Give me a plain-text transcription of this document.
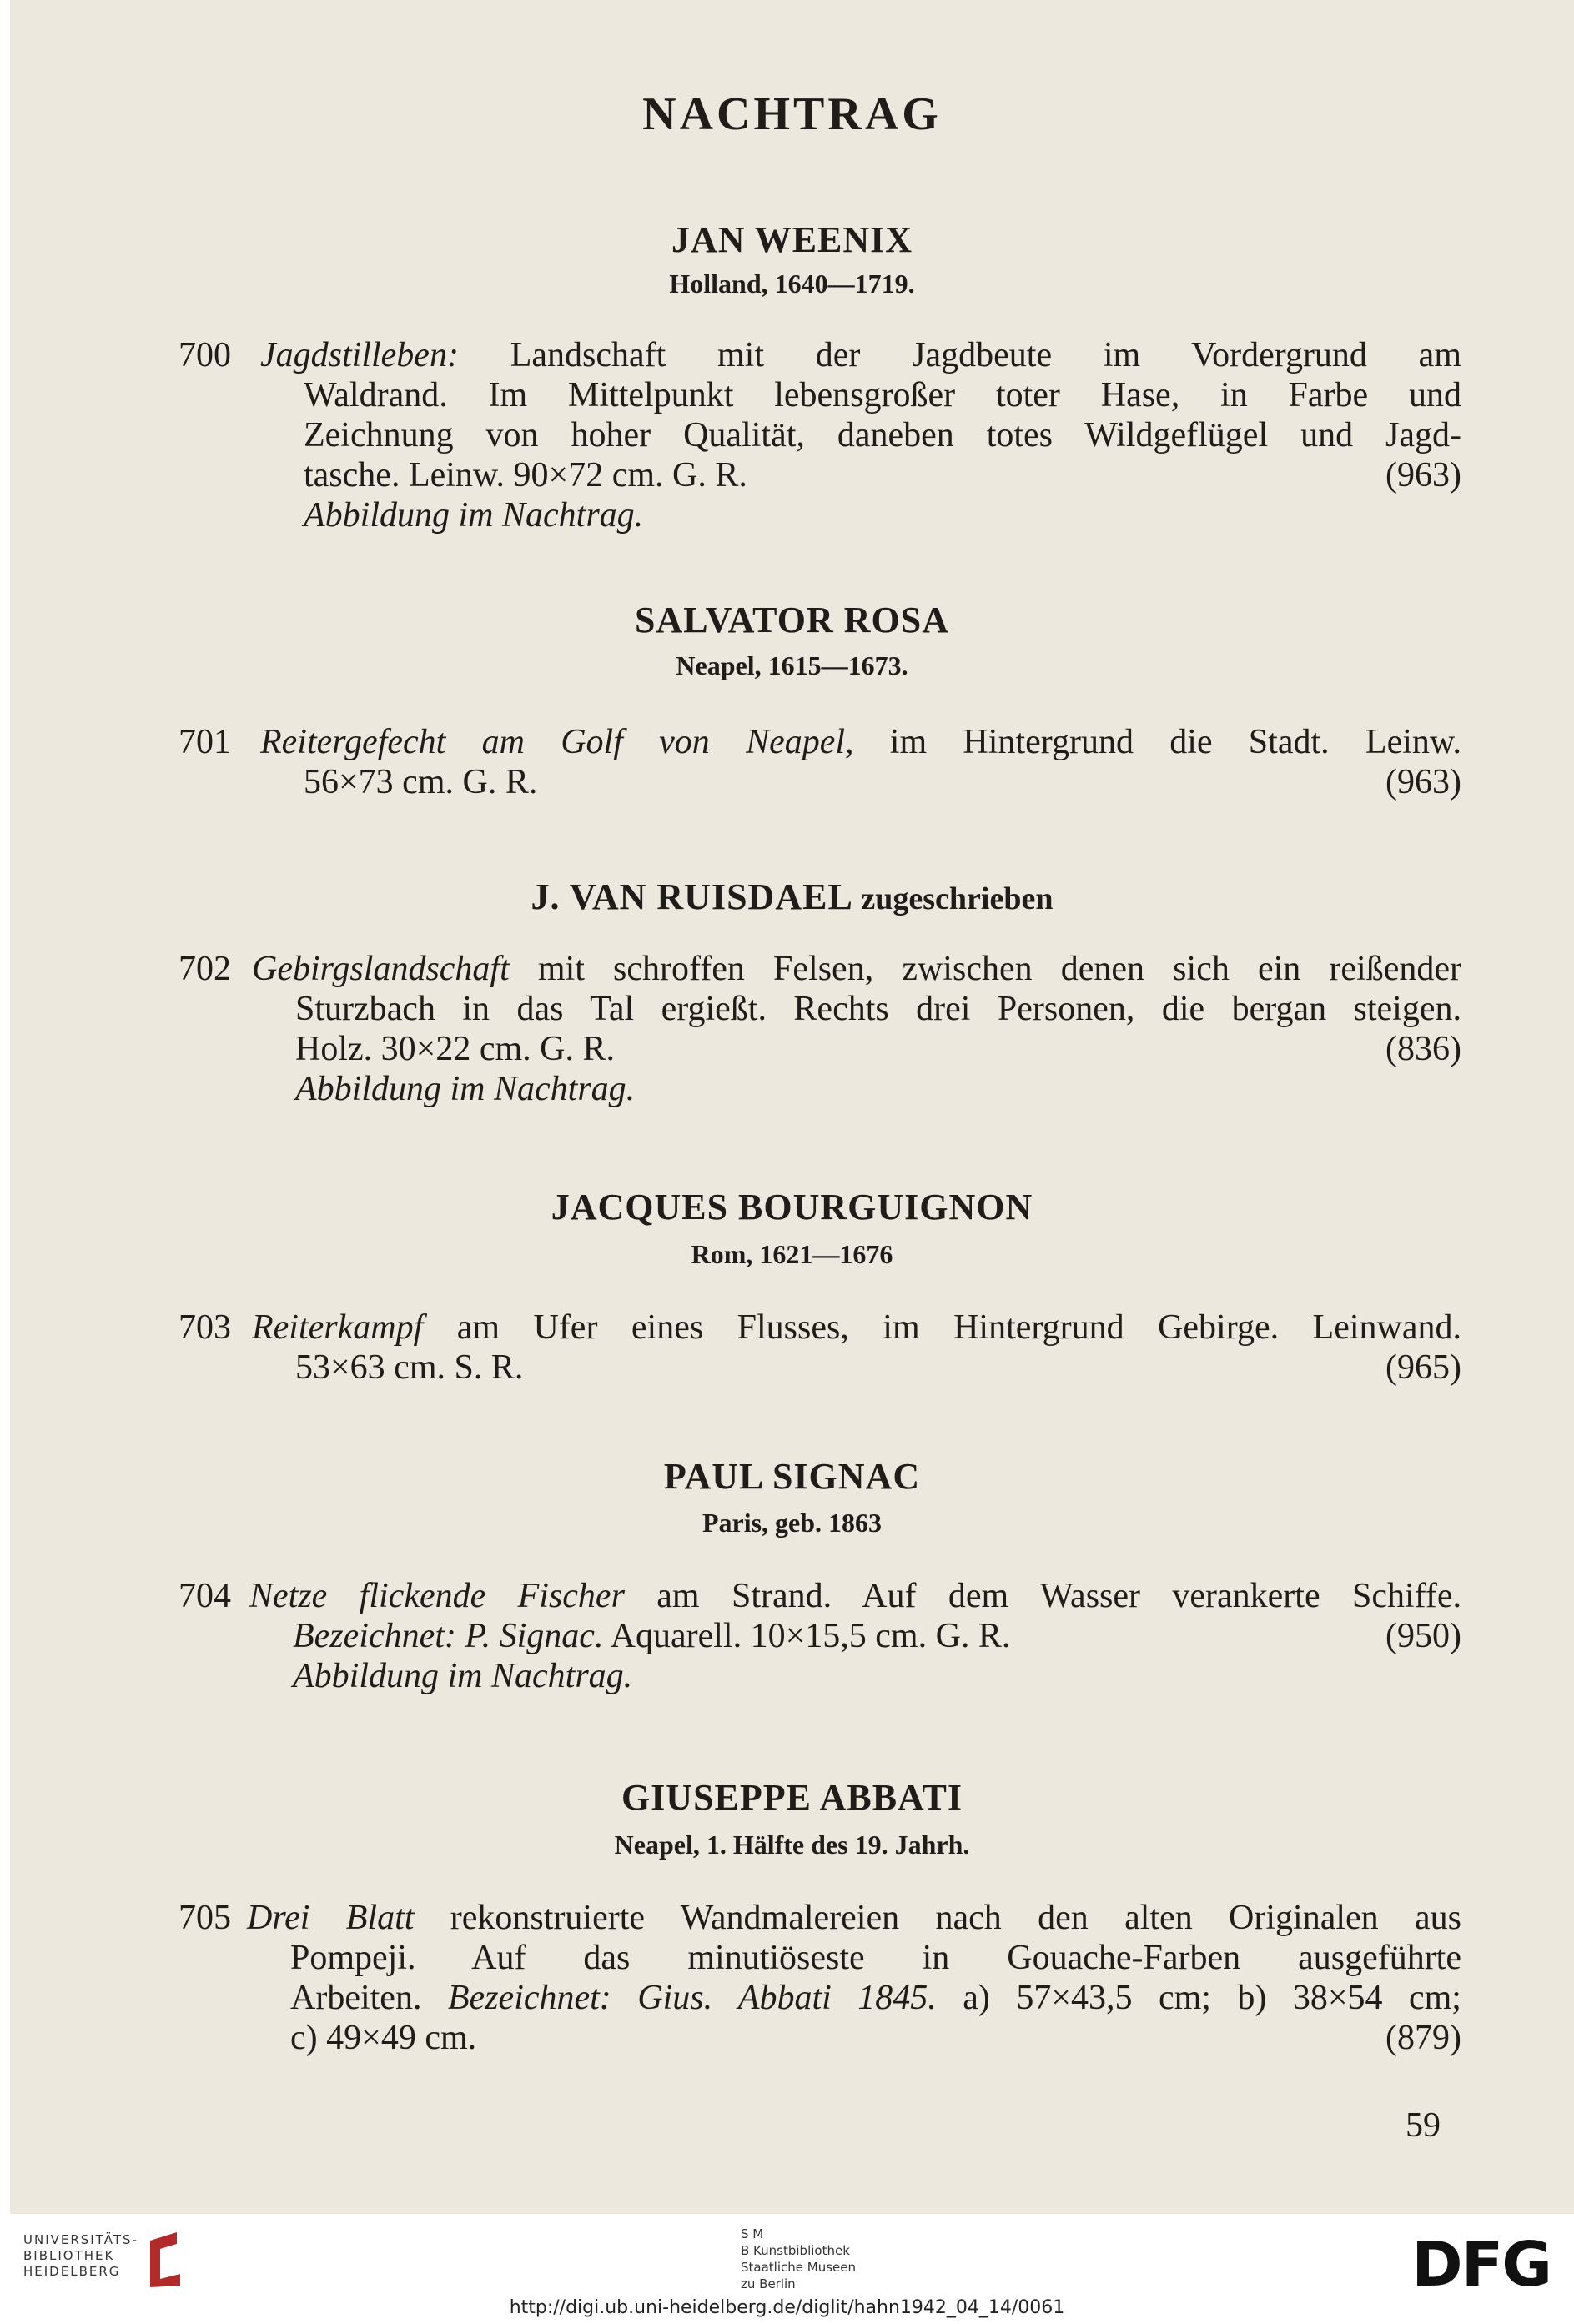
NACHTRAG
JAN WEENIX
Holland, 1640—1719.
700 Jagdstilleben: Landschaft mit der Jagdbeute im Vordergrund am
Waldrand. Im Mittelpunkt lebensgroßer toter Hase, in Farbe und
Zeichnung von hoher Qualität, daneben totes Wildgeflügel und Jagd-
tasche. Leinw. 90×72 cm. G. R.	(963)
Abbildung im Nachtrag.
SALVATOR ROSA
Neapel, 1615—1673.
701 Reitergefecht am Golf von Neapel, im Hintergrund die Stadt. Leinw.
56×73 cm. G. R.	(963)
J. VAN RUISDAEL zugeschrieben
702 Gebirgslandschaft mit schroffen Felsen, zwischen denen sich ein reißender
Sturzbach in das Tal ergießt. Rechts drei Personen, die bergan steigen.
Holz. 30×22 cm. G. R.	(836)
Abbildung im Nachtrag.
JACQUES BOURGUIGNON
Rom, 1621—1676
703 Reiterkampf am Ufer eines Flusses, im Hintergrund Gebirge. Leinwand.
53×63 cm. S. R.	(965)
PAUL SIGNAC
Paris, geb. 1863
704 Netze flickende Fischer am Strand. Auf dem Wasser verankerte Schiffe.
Bezeichnet: P. Signac. Aquarell. 10×15,5 cm. G. R.	(950)
Abbildung im Nachtrag.
GIUSEPPE ABBATI
Neapel, 1. Hälfte des 19. Jahrh.
705 Drei Blatt rekonstruierte Wandmalereien nach den alten Originalen aus
Pompeji. Auf das minutiöseste in Gouache-Farben ausgeführte
Arbeiten. Bezeichnet: Gius. Abbati 1845. a) 57×43,5 cm; b) 38×54 cm;
c) 49×49 cm.	(879)
59
UNIVERSITÄTS-
BIBLIOTHEK
HEIDELBERG
S M
B Kunstbibliothek
Staatliche Museen
zu Berlin	DFG
http://digi.ub.uni-heidelberg.de/diglit/hahn1942_04_14/0061
